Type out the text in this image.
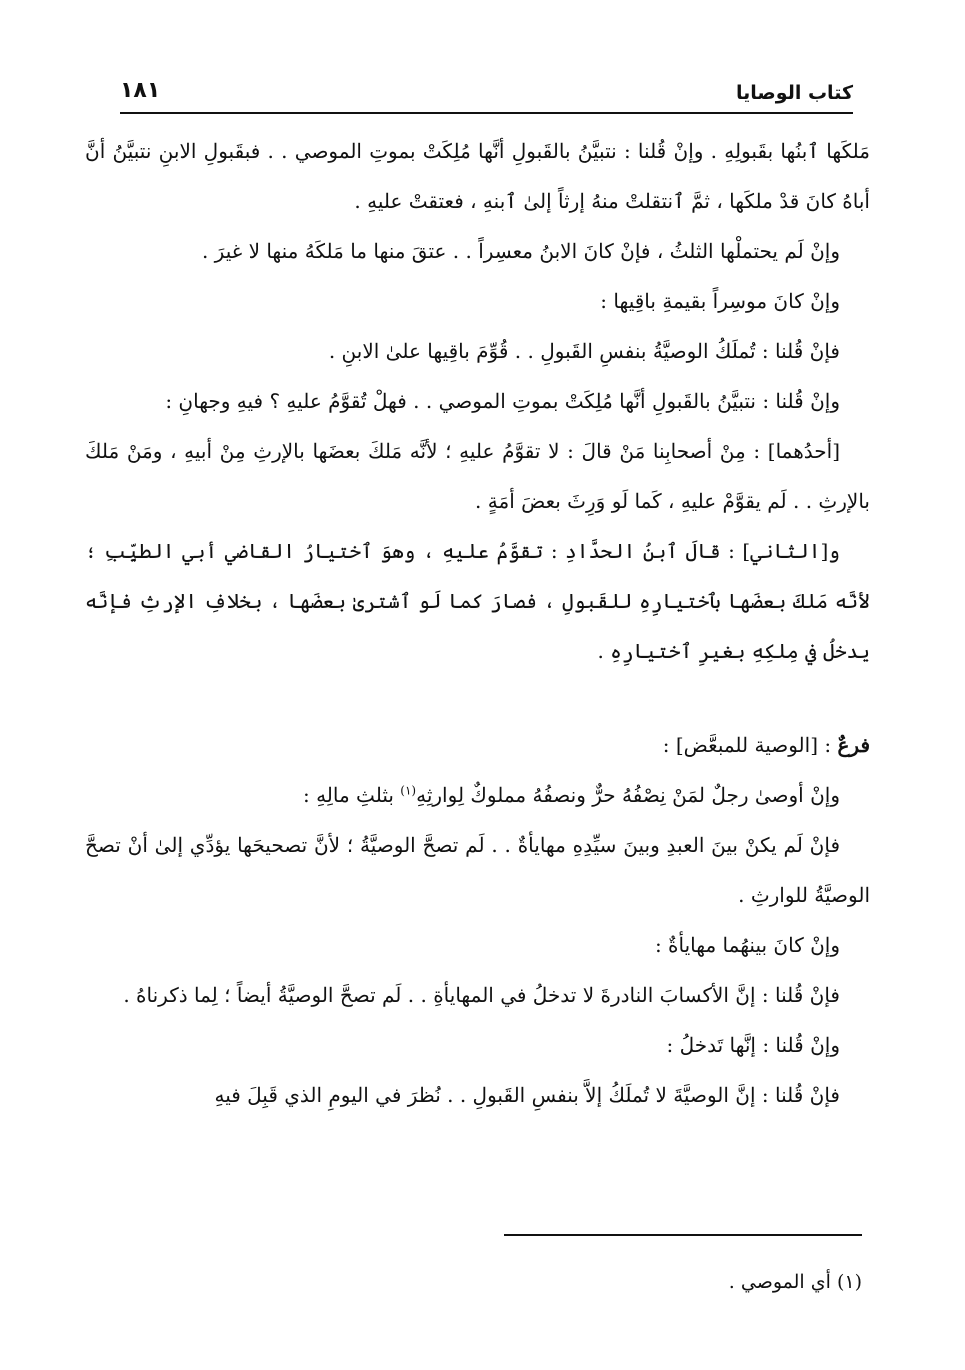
كتاب الوصايا
١٨١

مَلكَها ٱبنُها بقَبولِهِ . وإنْ قُلنا : نتبيَّنُ بالقَبولِ أنَّها مُلِكَتْ بموتِ الموصي . . فبقَبولِ الابنِ نتبيَّنُ أنَّ أباهُ كانَ قدْ ملكَها ، ثمَّ ٱنتقلتْ منهُ إرثاً إلىٰ ٱبنهِ ، فعتقتْ عليهِ .

وإنْ لَم يحتملْها الثلثُ ، فإنْ كانَ الابنُ معسِراً . . عتقَ منها ما مَلكَهُ منها لا غيرَ .

وإنْ كانَ موسِراً بقيمةِ باقِيها :

فإنْ قُلنا : تُملَكُ الوصيَّةُ بنفسِ القَبولِ . . قُوِّمَ باقِيها علىٰ الابنِ .

وإنْ قُلنا : نتبيَّنُ بالقَبولِ أنَّها مُلِكَتْ بموتِ الموصي . . فهلْ تُقوَّمُ عليهِ ؟ فيهِ وجهانِ :

[أحدُهما] : مِنْ أصحابِنا مَنْ قالَ : لا تقوَّمُ عليهِ ؛ لأنَّه مَلكَ بعضَها بالإرثِ مِنْ أبيهِ ، ومَنْ مَلكَ بالإرثِ . . لَم يقوَّمْ عليهِ ، كَما لَو وَرِثَ بعضَ أمَةٍ .

و[الثاني] : قالَ ٱبنُ الحدَّادِ : تقوَّمُ عليهِ ، وهوَ ٱختيارُ القاضي أبي الطيِّبِ ؛ لأنَّه مَلكَ بعضَها بٱختيارِهِ للقَبولِ ، فصارَ كما لَو ٱشترىٰ بعضَها ، بخلافِ الإرثِ فإنَّه يدخلُ في مِلكِهِ بغيرِ ٱختيارِهِ .

فرعٌ : [الوصية للمبعَّض] :

وإنْ أوصىٰ رجلٌ لمَنْ نِصْفُهُ حرٌّ ونصفُهُ مملوكٌ لِوارثِهِ$^{(١)}$ بثلثِ مالِهِ :

فإنْ لَم يكنْ بينَ العبدِ وبينَ سيِّدِهِ مهايأةٌ . . لَم تصحَّ الوصيَّةُ ؛ لأنَّ تصحيحَها يؤدِّي إلىٰ أنْ تصحَّ الوصيَّةُ للوارثِ .

وإنْ كانَ بينهُما مهايأةٌ :

فإنْ قُلنا : إنَّ الأكسابَ النادرةَ لا تدخلُ في المهايأةِ . . لَم تصحَّ الوصيَّةُ أيضاً ؛ لِما ذكرناهُ .

وإنْ قُلنا : إنَّها تَدخلُ :

فإنْ قُلنا : إنَّ الوصيَّةَ لا تُملَكُ إلاَّ بنفسِ القَبولِ . . نُظرَ في اليومِ الذي قَبِلَ فيهِ

(١) أي الموصي .
